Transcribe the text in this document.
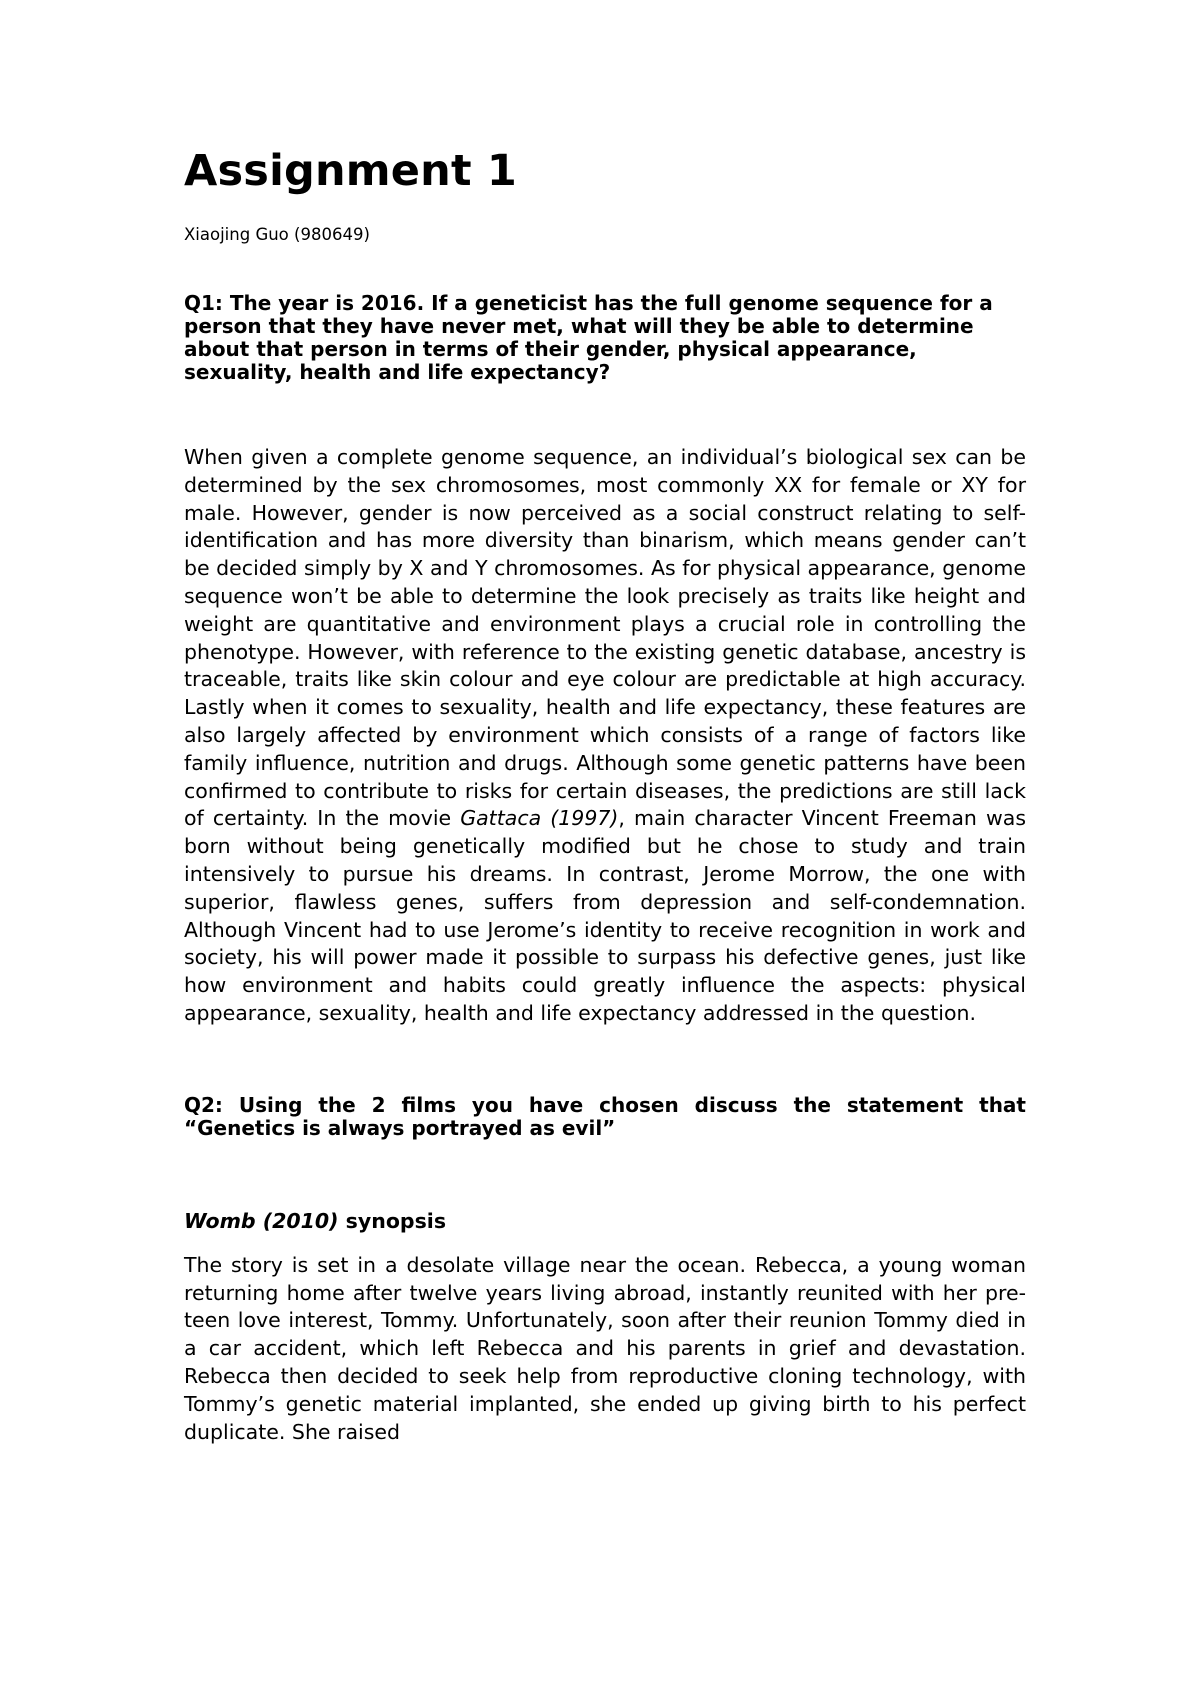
Assignment 1

Xiaojing Guo (980649)

Q1: The year is 2016. If a geneticist has the full genome sequence for a person that they have never met, what will they be able to determine about that person in terms of their gender, physical appearance, sexuality, health and life expectancy?

When given a complete genome sequence, an individual’s biological sex can be determined by the sex chromosomes, most commonly XX for female or XY for male. However, gender is now perceived as a social construct relating to self-identification and has more diversity than binarism, which means gender can’t be decided simply by X and Y chromosomes. As for physical appearance, genome sequence won’t be able to determine the look precisely as traits like height and weight are quantitative and environment plays a crucial role in controlling the phenotype. However, with reference to the existing genetic database, ancestry is traceable, traits like skin colour and eye colour are predictable at high accuracy. Lastly when it comes to sexuality, health and life expectancy, these features are also largely affected by environment which consists of a range of factors like family influence, nutrition and drugs. Although some genetic patterns have been confirmed to contribute to risks for certain diseases, the predictions are still lack of certainty. In the movie Gattaca (1997), main character Vincent Freeman was born without being genetically modified but he chose to study and train intensively to pursue his dreams. In contrast, Jerome Morrow, the one with superior, flawless genes, suffers from depression and self-condemnation. Although Vincent had to use Jerome’s identity to receive recognition in work and society, his will power made it possible to surpass his defective genes, just like how environment and habits could greatly influence the aspects: physical appearance, sexuality, health and life expectancy addressed in the question.

Q2: Using the 2 films you have chosen discuss the statement that “Genetics is always portrayed as evil”

Womb (2010) synopsis

The story is set in a desolate village near the ocean. Rebecca, a young woman returning home after twelve years living abroad, instantly reunited with her pre-teen love interest, Tommy. Unfortunately, soon after their reunion Tommy died in a car accident, which left Rebecca and his parents in grief and devastation. Rebecca then decided to seek help from reproductive cloning technology, with Tommy’s genetic material implanted, she ended up giving birth to his perfect duplicate. She raised
